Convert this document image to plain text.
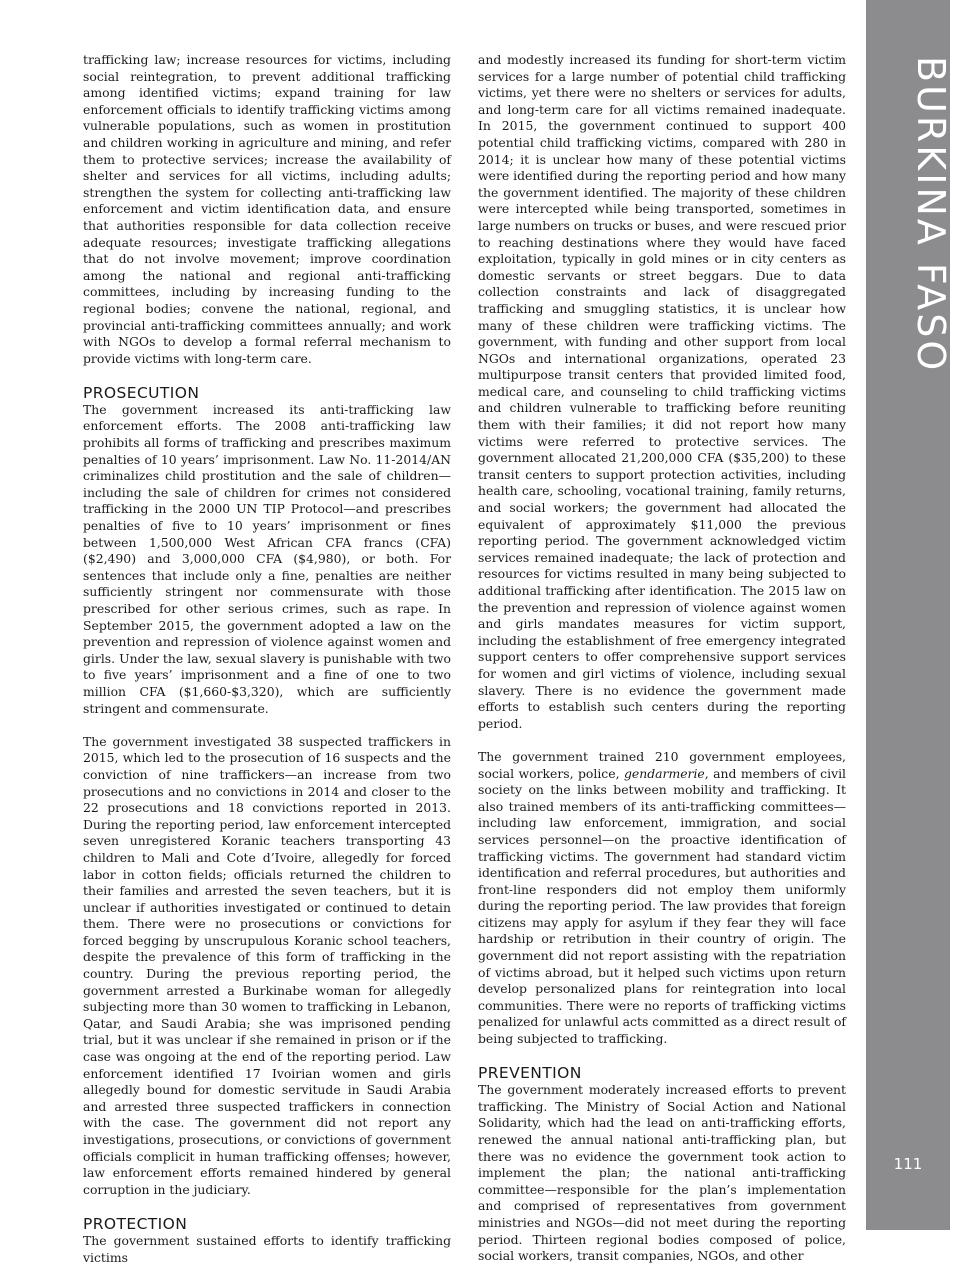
trafficking law; increase resources for victims, including social reintegration, to prevent additional trafficking among identified victims; expand training for law enforcement officials to identify trafficking victims among vulnerable populations, such as women in prostitution and children working in agriculture and mining, and refer them to protective services; increase the availability of shelter and services for all victims, including adults; strengthen the system for collecting anti-trafficking law enforcement and victim identification data, and ensure that authorities responsible for data collection receive adequate resources; investigate trafficking allegations that do not involve movement; improve coordination among the national and regional anti-trafficking committees, including by increasing funding to the regional bodies; convene the national, regional, and provincial anti-trafficking committees annually; and work with NGOs to develop a formal referral mechanism to provide victims with long-term care.

PROSECUTION

The government increased its anti-trafficking law enforcement efforts. The 2008 anti-trafficking law prohibits all forms of trafficking and prescribes maximum penalties of 10 years’ imprisonment. Law No. 11-2014/AN criminalizes child prostitution and the sale of children—including the sale of children for crimes not considered trafficking in the 2000 UN TIP Protocol—and prescribes penalties of five to 10 years’ imprisonment or fines between 1,500,000 West African CFA francs (CFA) ($2,490) and 3,000,000 CFA ($4,980), or both. For sentences that include only a fine, penalties are neither sufficiently stringent nor commensurate with those prescribed for other serious crimes, such as rape. In September 2015, the government adopted a law on the prevention and repression of violence against women and girls. Under the law, sexual slavery is punishable with two to five years’ imprisonment and a fine of one to two million CFA ($1,660-$3,320), which are sufficiently stringent and commensurate.

The government investigated 38 suspected traffickers in 2015, which led to the prosecution of 16 suspects and the conviction of nine traffickers—an increase from two prosecutions and no convictions in 2014 and closer to the 22 prosecutions and 18 convictions reported in 2013. During the reporting period, law enforcement intercepted seven unregistered Koranic teachers transporting 43 children to Mali and Cote d’Ivoire, allegedly for forced labor in cotton fields; officials returned the children to their families and arrested the seven teachers, but it is unclear if authorities investigated or continued to detain them. There were no prosecutions or convictions for forced begging by unscrupulous Koranic school teachers, despite the prevalence of this form of trafficking in the country. During the previous reporting period, the government arrested a Burkinabe woman for allegedly subjecting more than 30 women to trafficking in Lebanon, Qatar, and Saudi Arabia; she was imprisoned pending trial, but it was unclear if she remained in prison or if the case was ongoing at the end of the reporting period. Law enforcement identified 17 Ivoirian women and girls allegedly bound for domestic servitude in Saudi Arabia and arrested three suspected traffickers in connection with the case. The government did not report any investigations, prosecutions, or convictions of government officials complicit in human trafficking offenses; however, law enforcement efforts remained hindered by general corruption in the judiciary.

PROTECTION

The government sustained efforts to identify trafficking victims

and modestly increased its funding for short-term victim services for a large number of potential child trafficking victims, yet there were no shelters or services for adults, and long-term care for all victims remained inadequate. In 2015, the government continued to support 400 potential child trafficking victims, compared with 280 in 2014; it is unclear how many of these potential victims were identified during the reporting period and how many the government identified. The majority of these children were intercepted while being transported, sometimes in large numbers on trucks or buses, and were rescued prior to reaching destinations where they would have faced exploitation, typically in gold mines or in city centers as domestic servants or street beggars. Due to data collection constraints and lack of disaggregated trafficking and smuggling statistics, it is unclear how many of these children were trafficking victims. The government, with funding and other support from local NGOs and international organizations, operated 23 multipurpose transit centers that provided limited food, medical care, and counseling to child trafficking victims and children vulnerable to trafficking before reuniting them with their families; it did not report how many victims were referred to protective services. The government allocated 21,200,000 CFA ($35,200) to these transit centers to support protection activities, including health care, schooling, vocational training, family returns, and social workers; the government had allocated the equivalent of approximately $11,000 the previous reporting period. The government acknowledged victim services remained inadequate; the lack of protection and resources for victims resulted in many being subjected to additional trafficking after identification. The 2015 law on the prevention and repression of violence against women and girls mandates measures for victim support, including the establishment of free emergency integrated support centers to offer comprehensive support services for women and girl victims of violence, including sexual slavery. There is no evidence the government made efforts to establish such centers during the reporting period.

The government trained 210 government employees, social workers, police, gendarmerie, and members of civil society on the links between mobility and trafficking. It also trained members of its anti-trafficking committees—including law enforcement, immigration, and social services personnel—on the proactive identification of trafficking victims. The government had standard victim identification and referral procedures, but authorities and front-line responders did not employ them uniformly during the reporting period. The law provides that foreign citizens may apply for asylum if they fear they will face hardship or retribution in their country of origin. The government did not report assisting with the repatriation of victims abroad, but it helped such victims upon return develop personalized plans for reintegration into local communities. There were no reports of trafficking victims penalized for unlawful acts committed as a direct result of being subjected to trafficking.

PREVENTION

The government moderately increased efforts to prevent trafficking. The Ministry of Social Action and National Solidarity, which had the lead on anti-trafficking efforts, renewed the annual national anti-trafficking plan, but there was no evidence the government took action to implement the plan; the national anti-trafficking committee—responsible for the plan’s implementation and comprised of representatives from government ministries and NGOs—did not meet during the reporting period. Thirteen regional bodies composed of police, social workers, transit companies, NGOs, and other

BURKINA FASO
111
